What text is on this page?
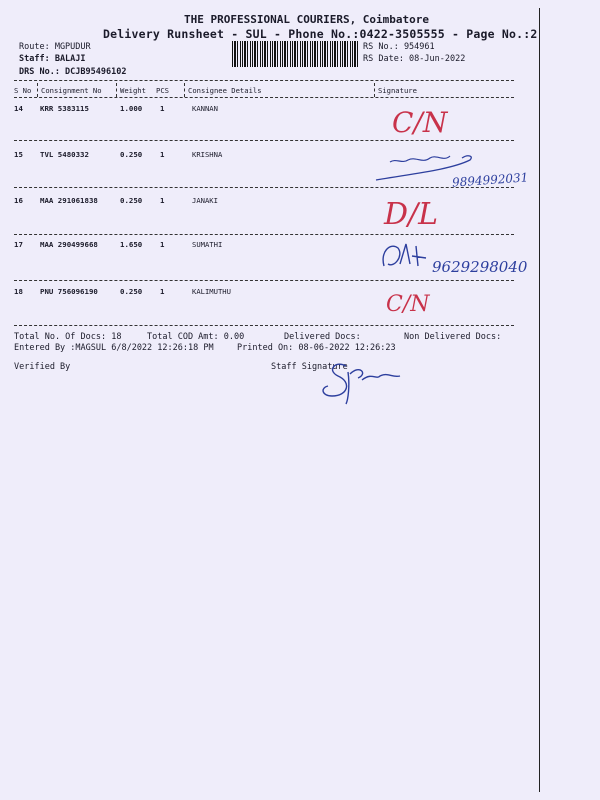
THE PROFESSIONAL COURIERS, Coimbatore
Delivery Runsheet - SUL - Phone No.:0422-3505555 - Page No.:2
Route: MGPUDUR
Staff: BALAJI
DRS No.: DCJB95496102
RS No.: 954961
RS Date: 08-Jun-2022
S No Consignment No	Weight PCS	Consignee Details	Signature
14 KRR 5383115	1.000 1	KANNAN	C/N
15 TVL 5480332	0.250 1	KRISHNA
9894992031
16 MAA 291061838	0.250 1	JANAKI	D/L
17 MAA 290499668	1.650 1	SUMATHI
9629298040
18 PNU 756096190	0.250 1	KALIMUTHU
C/N
Total No. Of Docs: 18	Total COD Amt: 0.00	Delivered Docs:	Non Delivered Docs:
Entered By :MAGSUL 6/8/2022 12:26:18 PM	Printed On: 08-06-2022 12:26:23
Verified By	Staff Signature
